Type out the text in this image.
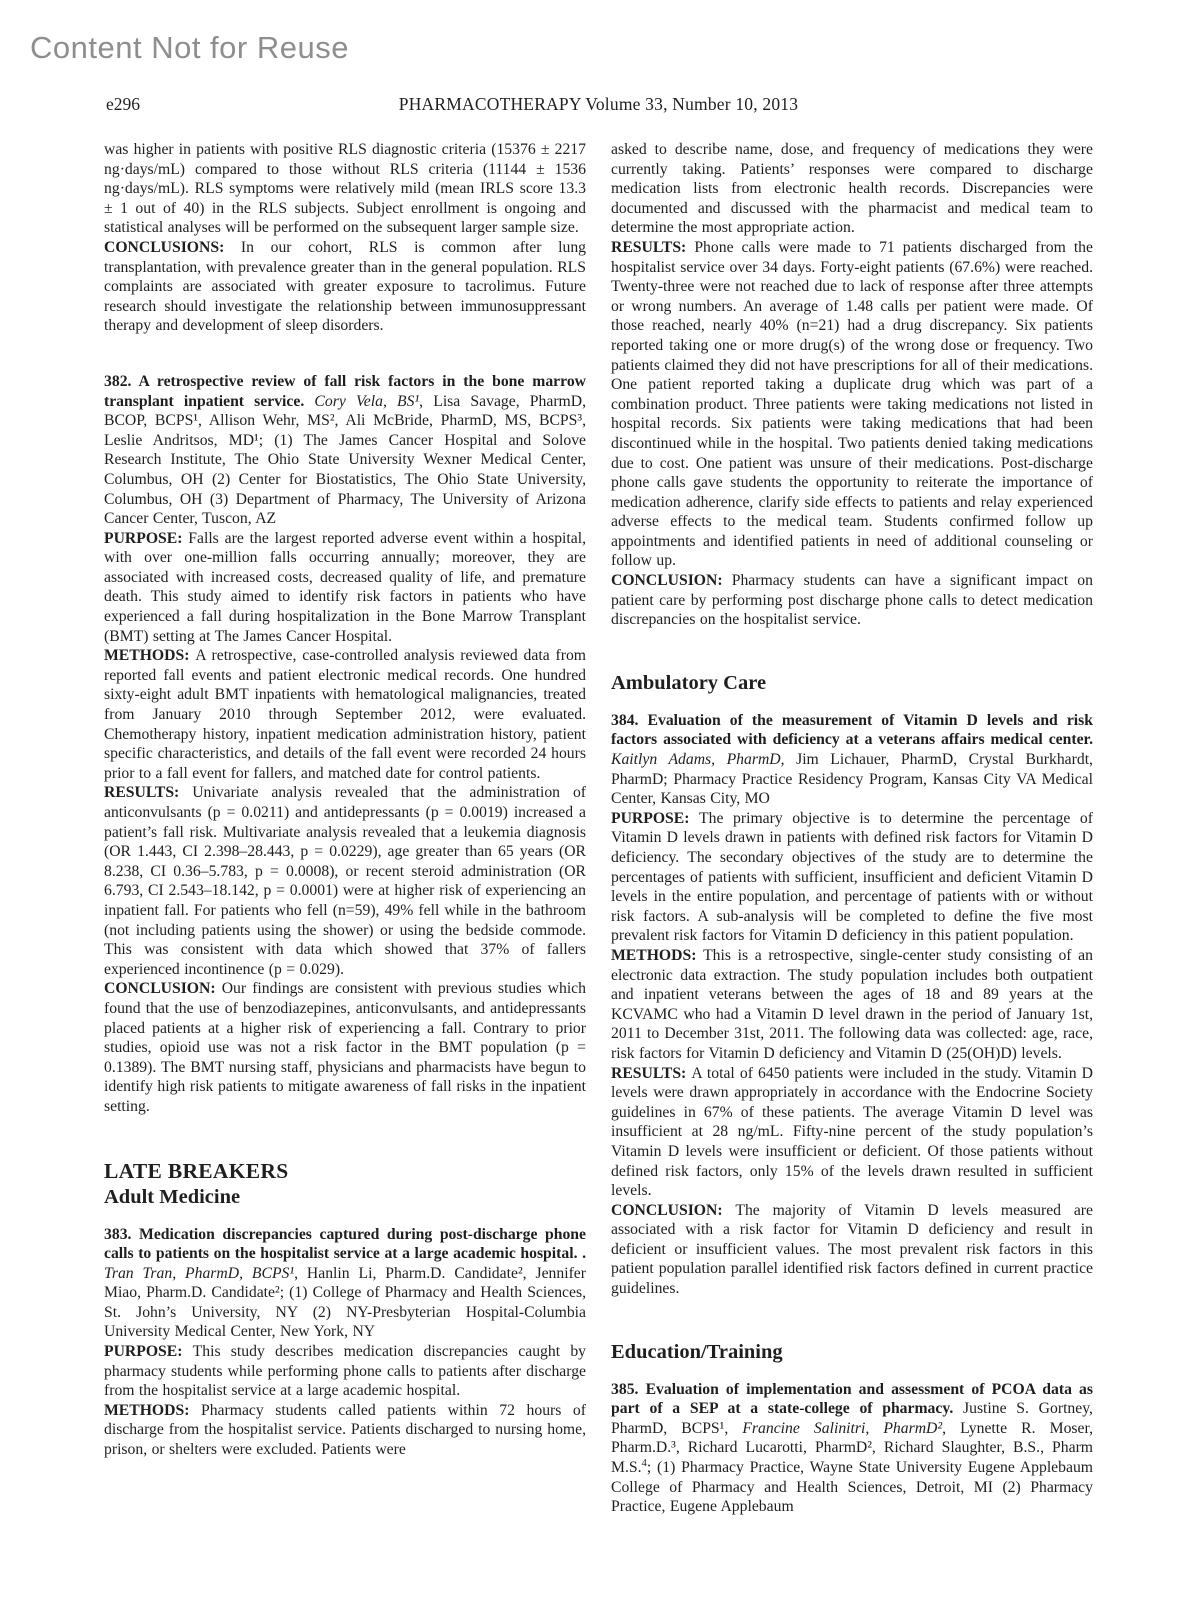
Content Not for Reuse
e296	PHARMACOTHERAPY Volume 33, Number 10, 2013

was higher in patients with positive RLS diagnostic criteria (15376 ± 2217 ng·days/mL) compared to those without RLS criteria (11144 ± 1536 ng·days/mL). RLS symptoms were relatively mild (mean IRLS score 13.3 ± 1 out of 40) in the RLS subjects. Subject enrollment is ongoing and statistical analyses will be performed on the subsequent larger sample size.

CONCLUSIONS: In our cohort, RLS is common after lung transplantation, with prevalence greater than in the general population. RLS complaints are associated with greater exposure to tacrolimus. Future research should investigate the relationship between immunosuppressant therapy and development of sleep disorders.

382. A retrospective review of fall risk factors in the bone marrow transplant inpatient service. Cory Vela, BS¹, Lisa Savage, PharmD, BCOP, BCPS¹, Allison Wehr, MS², Ali McBride, PharmD, MS, BCPS³, Leslie Andritsos, MD¹; (1) The James Cancer Hospital and Solove Research Institute, The Ohio State University Wexner Medical Center, Columbus, OH (2) Center for Biostatistics, The Ohio State University, Columbus, OH (3) Department of Pharmacy, The University of Arizona Cancer Center, Tuscon, AZ

PURPOSE: Falls are the largest reported adverse event within a hospital, with over one-million falls occurring annually; moreover, they are associated with increased costs, decreased quality of life, and premature death. This study aimed to identify risk factors in patients who have experienced a fall during hospitalization in the Bone Marrow Transplant (BMT) setting at The James Cancer Hospital.

METHODS: A retrospective, case-controlled analysis reviewed data from reported fall events and patient electronic medical records. One hundred sixty-eight adult BMT inpatients with hematological malignancies, treated from January 2010 through September 2012, were evaluated. Chemotherapy history, inpatient medication administration history, patient specific characteristics, and details of the fall event were recorded 24 hours prior to a fall event for fallers, and matched date for control patients.

RESULTS: Univariate analysis revealed that the administration of anticonvulsants (p = 0.0211) and antidepressants (p = 0.0019) increased a patient’s fall risk. Multivariate analysis revealed that a leukemia diagnosis (OR 1.443, CI 2.398–28.443, p = 0.0229), age greater than 65 years (OR 8.238, CI 0.36–5.783, p = 0.0008), or recent steroid administration (OR 6.793, CI 2.543–18.142, p = 0.0001) were at higher risk of experiencing an inpatient fall. For patients who fell (n=59), 49% fell while in the bathroom (not including patients using the shower) or using the bedside commode. This was consistent with data which showed that 37% of fallers experienced incontinence (p = 0.029).

CONCLUSION: Our findings are consistent with previous studies which found that the use of benzodiazepines, anticonvulsants, and antidepressants placed patients at a higher risk of experiencing a fall. Contrary to prior studies, opioid use was not a risk factor in the BMT population (p = 0.1389). The BMT nursing staff, physicians and pharmacists have begun to identify high risk patients to mitigate awareness of fall risks in the inpatient setting.

LATE BREAKERS
Adult Medicine

383. Medication discrepancies captured during post-discharge phone calls to patients on the hospitalist service at a large academic hospital. . Tran Tran, PharmD, BCPS¹, Hanlin Li, Pharm.D. Candidate², Jennifer Miao, Pharm.D. Candidate²; (1) College of Pharmacy and Health Sciences, St. John’s University, NY (2) NY-Presbyterian Hospital-Columbia University Medical Center, New York, NY

PURPOSE: This study describes medication discrepancies caught by pharmacy students while performing phone calls to patients after discharge from the hospitalist service at a large academic hospital.

METHODS: Pharmacy students called patients within 72 hours of discharge from the hospitalist service. Patients discharged to nursing home, prison, or shelters were excluded. Patients were

asked to describe name, dose, and frequency of medications they were currently taking. Patients’ responses were compared to discharge medication lists from electronic health records. Discrepancies were documented and discussed with the pharmacist and medical team to determine the most appropriate action.

RESULTS: Phone calls were made to 71 patients discharged from the hospitalist service over 34 days. Forty-eight patients (67.6%) were reached. Twenty-three were not reached due to lack of response after three attempts or wrong numbers. An average of 1.48 calls per patient were made. Of those reached, nearly 40% (n=21) had a drug discrepancy. Six patients reported taking one or more drug(s) of the wrong dose or frequency. Two patients claimed they did not have prescriptions for all of their medications. One patient reported taking a duplicate drug which was part of a combination product. Three patients were taking medications not listed in hospital records. Six patients were taking medications that had been discontinued while in the hospital. Two patients denied taking medications due to cost. One patient was unsure of their medications. Post-discharge phone calls gave students the opportunity to reiterate the importance of medication adherence, clarify side effects to patients and relay experienced adverse effects to the medical team. Students confirmed follow up appointments and identified patients in need of additional counseling or follow up.

CONCLUSION: Pharmacy students can have a significant impact on patient care by performing post discharge phone calls to detect medication discrepancies on the hospitalist service.

Ambulatory Care

384. Evaluation of the measurement of Vitamin D levels and risk factors associated with deficiency at a veterans affairs medical center. Kaitlyn Adams, PharmD, Jim Lichauer, PharmD, Crystal Burkhardt, PharmD; Pharmacy Practice Residency Program, Kansas City VA Medical Center, Kansas City, MO

PURPOSE: The primary objective is to determine the percentage of Vitamin D levels drawn in patients with defined risk factors for Vitamin D deficiency. The secondary objectives of the study are to determine the percentages of patients with sufficient, insufficient and deficient Vitamin D levels in the entire population, and percentage of patients with or without risk factors. A sub-analysis will be completed to define the five most prevalent risk factors for Vitamin D deficiency in this patient population.

METHODS: This is a retrospective, single-center study consisting of an electronic data extraction. The study population includes both outpatient and inpatient veterans between the ages of 18 and 89 years at the KCVAMC who had a Vitamin D level drawn in the period of January 1st, 2011 to December 31st, 2011. The following data was collected: age, race, risk factors for Vitamin D deficiency and Vitamin D (25(OH)D) levels.

RESULTS: A total of 6450 patients were included in the study. Vitamin D levels were drawn appropriately in accordance with the Endocrine Society guidelines in 67% of these patients. The average Vitamin D level was insufficient at 28 ng/mL. Fifty-nine percent of the study population’s Vitamin D levels were insufficient or deficient. Of those patients without defined risk factors, only 15% of the levels drawn resulted in sufficient levels.

CONCLUSION: The majority of Vitamin D levels measured are associated with a risk factor for Vitamin D deficiency and result in deficient or insufficient values. The most prevalent risk factors in this patient population parallel identified risk factors defined in current practice guidelines.

Education/Training

385. Evaluation of implementation and assessment of PCOA data as part of a SEP at a state-college of pharmacy. Justine S. Gortney, PharmD, BCPS¹, Francine Salinitri, PharmD², Lynette R. Moser, Pharm.D.³, Richard Lucarotti, PharmD², Richard Slaughter, B.S., Pharm M.S.$^4$; (1) Pharmacy Practice, Wayne State University Eugene Applebaum College of Pharmacy and Health Sciences, Detroit, MI (2) Pharmacy Practice, Eugene Applebaum
